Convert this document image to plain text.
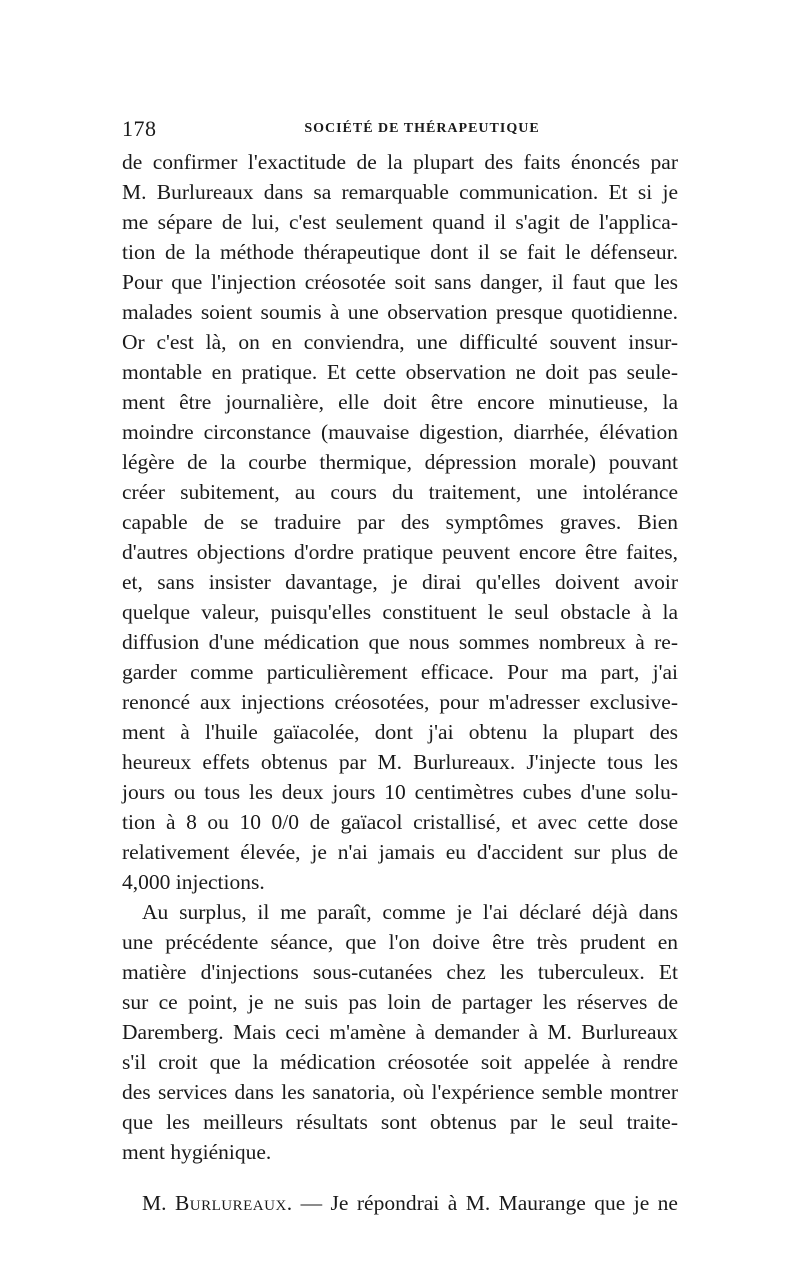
178	SOCIÉTÉ DE THÉRAPEUTIQUE
de confirmer l'exactitude de la plupart des faits énoncés par
M. Burlureaux dans sa remarquable communication. Et si je
me sépare de lui, c'est seulement quand il s'agit de l'applica-
tion de la méthode thérapeutique dont il se fait le défenseur.
Pour que l'injection créosotée soit sans danger, il faut que les
malades soient soumis à une observation presque quotidienne.
Or c'est là, on en conviendra, une difficulté souvent insur-
montable en pratique. Et cette observation ne doit pas seule-
ment être journalière, elle doit être encore minutieuse, la
moindre circonstance (mauvaise digestion, diarrhée, élévation
légère de la courbe thermique, dépression morale) pouvant
créer subitement, au cours du traitement, une intolérance
capable de se traduire par des symptômes graves. Bien
d'autres objections d'ordre pratique peuvent encore être faites,
et, sans insister davantage, je dirai qu'elles doivent avoir
quelque valeur, puisqu'elles constituent le seul obstacle à la
diffusion d'une médication que nous sommes nombreux à re-
garder comme particulièrement efficace. Pour ma part, j'ai
renoncé aux injections créosotées, pour m'adresser exclusive-
ment à l'huile gaïacolée, dont j'ai obtenu la plupart des
heureux effets obtenus par M. Burlureaux. J'injecte tous les
jours ou tous les deux jours 10 centimètres cubes d'une solu-
tion à 8 ou 10 0/0 de gaïacol cristallisé, et avec cette dose
relativement élevée, je n'ai jamais eu d'accident sur plus de
4,000 injections.
Au surplus, il me paraît, comme je l'ai déclaré déjà dans
une précédente séance, que l'on doive être très prudent en
matière d'injections sous-cutanées chez les tuberculeux. Et
sur ce point, je ne suis pas loin de partager les réserves de
Daremberg. Mais ceci m'amène à demander à M. Burlureaux
s'il croit que la médication créosotée soit appelée à rendre
des services dans les sanatoria, où l'expérience semble montrer
que les meilleurs résultats sont obtenus par le seul traite-
ment hygiénique.
M. Burlureaux. — Je répondrai à M. Maurange que je ne
